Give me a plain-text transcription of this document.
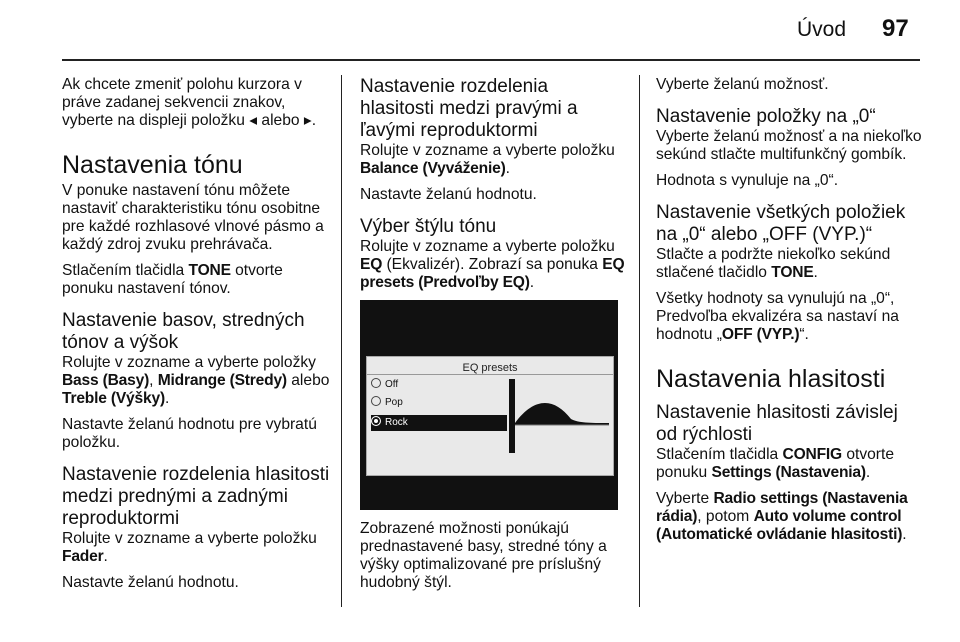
Úvod 97

Ak chcete zmeniť polohu kurzora v práve zadanej sekvencii znakov, vyberte na displeji položku ◂ alebo ▸.

Nastavenia tónu

V ponuke nastavení tónu môžete nastaviť charakteristiku tónu osobitne pre každé rozhlasové vlnové pásmo a každý zdroj zvuku prehrávača.

Stlačením tlačidla TONE otvorte ponuku nastavení tónov.

Nastavenie basov, stredných tónov a výšok

Rolujte v zozname a vyberte položky Bass (Basy), Midrange (Stredy) alebo Treble (Výšky).

Nastavte želanú hodnotu pre vybratú položku.

Nastavenie rozdelenia hlasitosti medzi prednými a zadnými reproduktormi

Rolujte v zozname a vyberte položku Fader.

Nastavte želanú hodnotu.

Nastavenie rozdelenia hlasitosti medzi pravými a ľavými reproduktormi

Rolujte v zozname a vyberte položku Balance (Vyváženie).

Nastavte želanú hodnotu.

Výber štýlu tónu

Rolujte v zozname a vyberte položku EQ (Ekvalizér). Zobrazí sa ponuka EQ presets (Predvoľby EQ).

EQ presets
Off
Pop
Rock

Zobrazené možnosti ponúkajú prednastavené basy, stredné tóny a výšky optimalizované pre príslušný hudobný štýl.

Vyberte želanú možnosť.

Nastavenie položky na „0“

Vyberte želanú možnosť a na niekoľko sekúnd stlačte multifunkčný gombík.

Hodnota s vynuluje na „0“.

Nastavenie všetkých položiek na „0“ alebo „OFF (VYP.)“

Stlačte a podržte niekoľko sekúnd stlačené tlačidlo TONE.

Všetky hodnoty sa vynulujú na „0“, Predvoľba ekvalizéra sa nastaví na hodnotu „OFF (VYP.)“.

Nastavenia hlasitosti
Nastavenie hlasitosti závislej od rýchlosti

Stlačením tlačidla CONFIG otvorte ponuku Settings (Nastavenia).

Vyberte Radio settings (Nastavenia rádia), potom Auto volume control (Automatické ovládanie hlasitosti).
